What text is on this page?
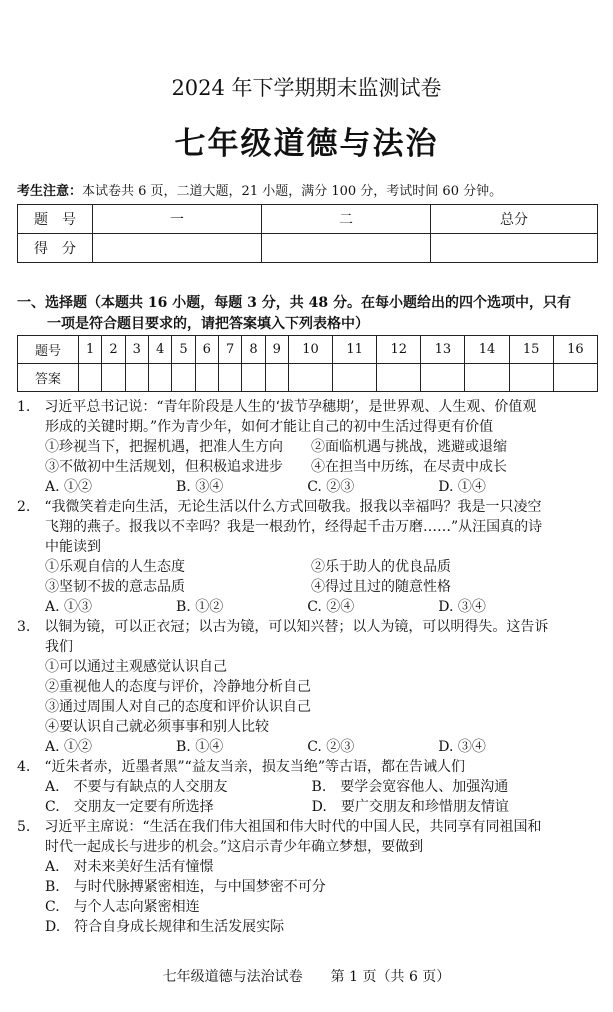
2024 年下学期期末监测试卷
七年级道德与法治
考生注意：本试卷共 6 页，二道大题，21 小题，满分 100 分，考试时间 60 分钟。
题　号	一	二	总分
得　分			
一、选择题（本题共 16 小题，每题 3 分，共 48 分。在每小题给出的四个选项中，只有
一项是符合题目要求的，请把答案填入下列表格中）
题号	1	2	3	4	5	6	7	8	9	10	11	12	13	14	15	16
答案																
1.　习近平总书记说：“青年阶段是人生的‘拔节孕穗期’，是世界观、人生观、价值观
　　形成的关键时期。”作为青少年，如何才能让自己的初中生活过得更有价值
　　①珍视当下，把握机遇，把准人生方向　　②面临机遇与挑战，逃避或退缩
　　③不做初中生活规划，但积极追求进步　　④在担当中历练，在尽责中成长
　　A. ①②　　　　　　B. ③④　　　　　　C. ②③　　　　　　D. ①④
2.　“我微笑着走向生活，无论生活以什么方式回敬我。报我以幸福吗？我是一只凌空
　　飞翔的燕子。报我以不幸吗？我是一根劲竹，经得起千击万磨……”从汪国真的诗
　　中能读到
　　①乐观自信的人生态度　　　　　　　　　②乐于助人的优良品质
　　③坚韧不拔的意志品质　　　　　　　　　④得过且过的随意性格
　　A. ①③　　　　　　B. ①②　　　　　　C. ②④　　　　　　D. ③④
3.　以铜为镜，可以正衣冠；以古为镜，可以知兴替；以人为镜，可以明得失。这告诉
　　我们
　　①可以通过主观感觉认识自己
　　②重视他人的态度与评价，冷静地分析自己
　　③通过周围人对自己的态度和评价认识自己
　　④要认识自己就必须事事和别人比较
　　A. ①②　　　　　　B. ①④　　　　　　C. ②③　　　　　　D. ③④
4.　“近朱者赤，近墨者黑”“益友当亲，损友当绝”等古语，都在告诫人们
　　A.　不要与有缺点的人交朋友　　　　　　B.　要学会宽容他人、加强沟通
　　C.　交朋友一定要有所选择　　　　　　　D.　要广交朋友和珍惜朋友情谊
5.　习近平主席说：“生活在我们伟大祖国和伟大时代的中国人民，共同享有同祖国和
　　时代一起成长与进步的机会。”这启示青少年确立梦想，要做到
　　A.　对未来美好生活有憧憬
　　B.　与时代脉搏紧密相连，与中国梦密不可分
　　C.　与个人志向紧密相连
　　D.　符合自身成长规律和生活发展实际
七年级道德与法治试卷　　第 1 页（共 6 页）
